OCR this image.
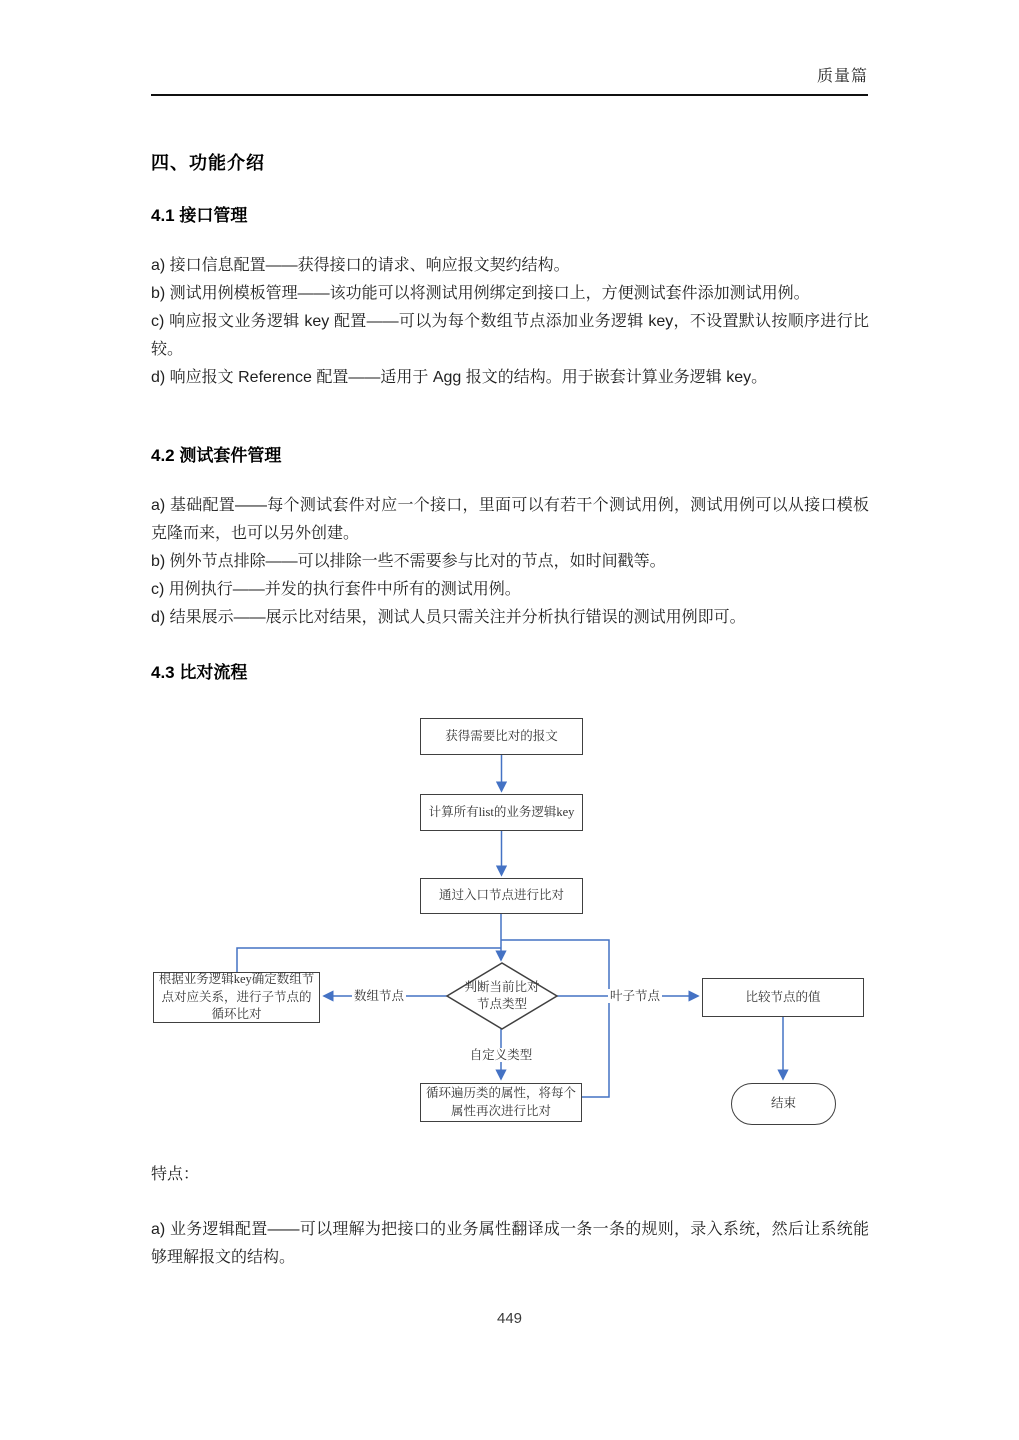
质量篇
四、功能介绍
4.1 接口管理

a) 接口信息配置——获得接口的请求、响应报文契约结构。

b) 测试用例模板管理——该功能可以将测试用例绑定到接口上，方便测试套件添加测试用例。

c) 响应报文业务逻辑 key 配置——可以为每个数组节点添加业务逻辑 key，不设置默认按顺序进行比较。

d) 响应报文 Reference 配置——适用于 Agg 报文的结构。用于嵌套计算业务逻辑 key。

4.2 测试套件管理

a) 基础配置——每个测试套件对应一个接口，里面可以有若干个测试用例，测试用例可以从接口模板克隆而来，也可以另外创建。

b) 例外节点排除——可以排除一些不需要参与比对的节点，如时间戳等。

c) 用例执行——并发的执行套件中所有的测试用例。

d) 结果展示——展示比对结果，测试人员只需关注并分析执行错误的测试用例即可。

4.3 比对流程
获得需要比对的报文
计算所有list的业务逻辑key
通过入口节点进行比对
判断当前比对节点类型
根据业务逻辑key确定数组节点对应关系，进行子节点的循环比对
比较节点的值
循环遍历类的属性，将每个属性再次进行比对
结束
数组节点	叶子节点
自定义类型
特点：

a) 业务逻辑配置——可以理解为把接口的业务属性翻译成一条一条的规则，录入系统，然后让系统能够理解报文的结构。

449
